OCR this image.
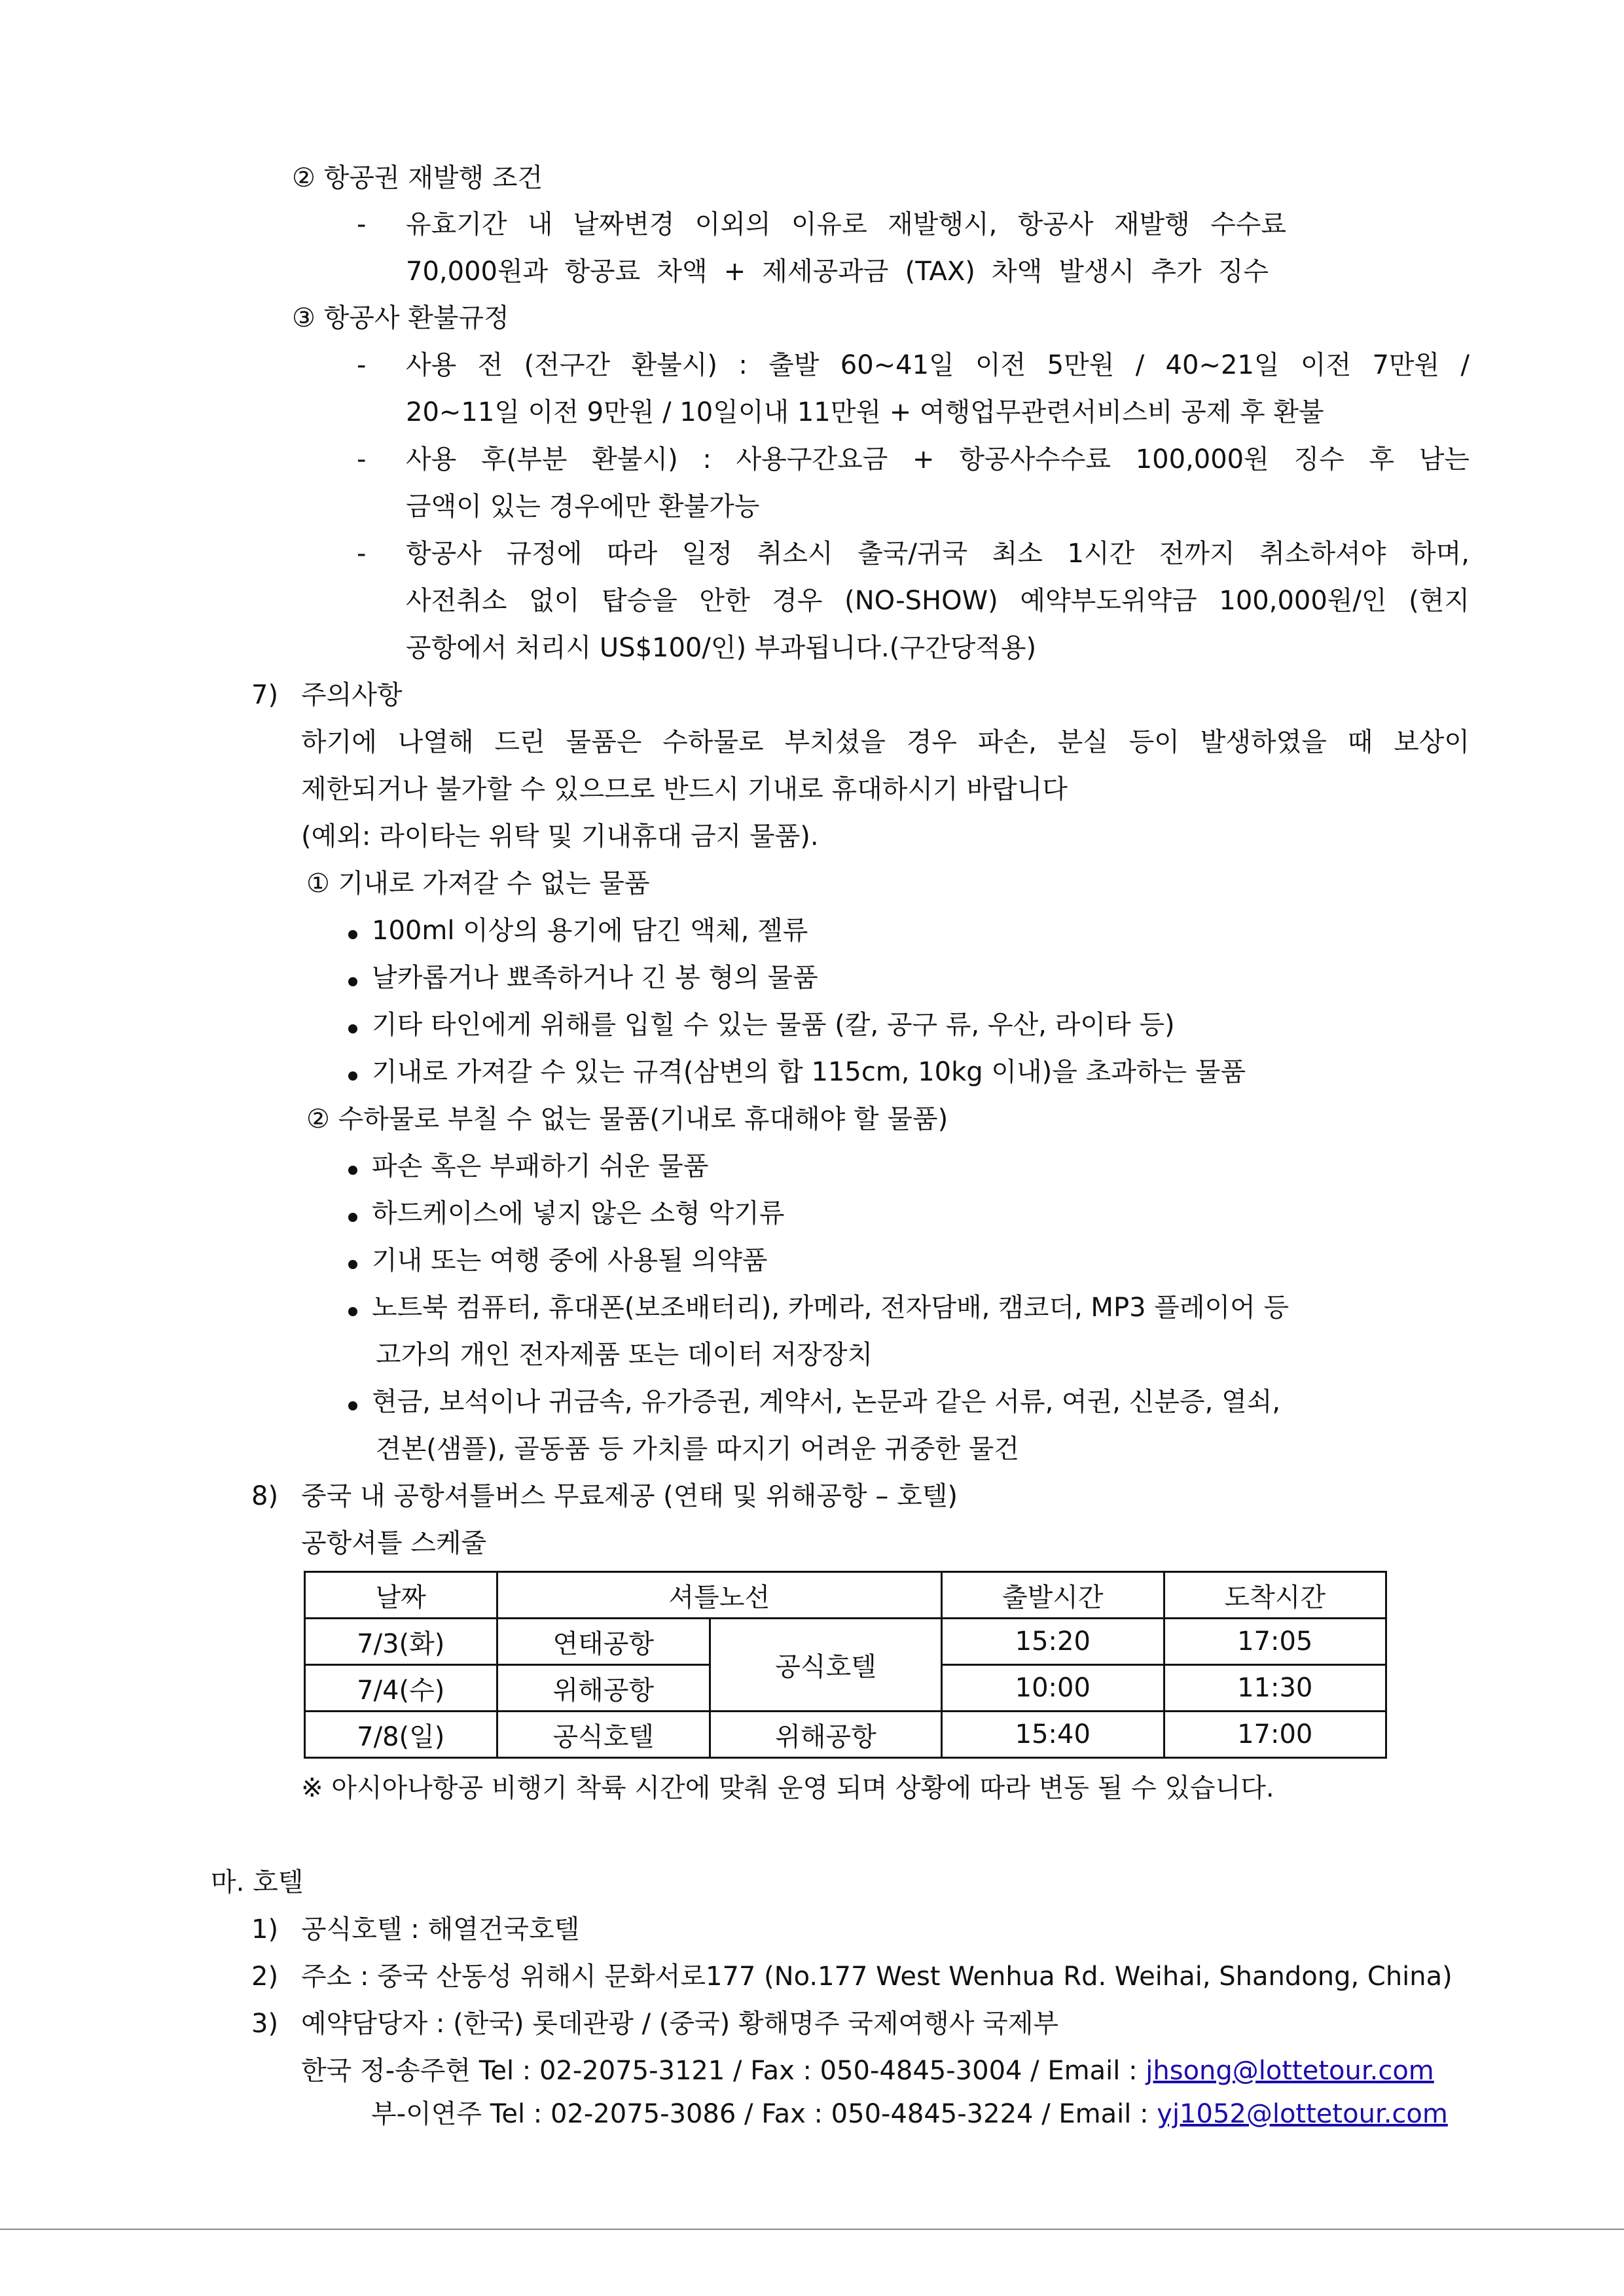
② 항공권 재발행 조건
- 유효기간 내 날짜변경 이외의 이유로 재발행시, 항공사 재발행 수수료
70,000원과 항공료 차액 + 제세공과금 (TAX) 차액 발생시 추가 징수
③ 항공사 환불규정
- 사용 전 (전구간 환불시) : 출발 60~41일 이전 5만원 / 40~21일 이전 7만원 /
20~11일 이전 9만원 / 10일이내 11만원 + 여행업무관련서비스비 공제 후 환불
- 사용 후(부분 환불시) : 사용구간요금 + 항공사수수료 100,000원 징수 후 남는
금액이 있는 경우에만 환불가능
- 항공사 규정에 따라 일정 취소시 출국/귀국 최소 1시간 전까지 취소하셔야 하며,
사전취소 없이 탑승을 안한 경우 (NO-SHOW) 예약부도위약금 100,000원/인 (현지
공항에서 처리시 US$100/인) 부과됩니다.(구간당적용)
7) 주의사항
하기에 나열해 드린 물품은 수하물로 부치셨을 경우 파손, 분실 등이 발생하였을 때 보상이
제한되거나 불가할 수 있으므로 반드시 기내로 휴대하시기 바랍니다
(예외: 라이타는 위탁 및 기내휴대 금지 물품).
① 기내로 가져갈 수 없는 물품
100ml 이상의 용기에 담긴 액체, 젤류
날카롭거나 뾰족하거나 긴 봉 형의 물품
기타 타인에게 위해를 입힐 수 있는 물품 (칼, 공구 류, 우산, 라이타 등)
기내로 가져갈 수 있는 규격(삼변의 합 115cm, 10kg 이내)을 초과하는 물품
② 수하물로 부칠 수 없는 물품(기내로 휴대해야 할 물품)
파손 혹은 부패하기 쉬운 물품
하드케이스에 넣지 않은 소형 악기류
기내 또는 여행 중에 사용될 의약품
노트북 컴퓨터, 휴대폰(보조배터리), 카메라, 전자담배, 캠코더, MP3 플레이어 등
고가의 개인 전자제품 또는 데이터 저장장치
현금, 보석이나 귀금속, 유가증권, 계약서, 논문과 같은 서류, 여권, 신분증, 열쇠,
견본(샘플), 골동품 등 가치를 따지기 어려운 귀중한 물건
8) 중국 내 공항셔틀버스 무료제공 (연태 및 위해공항 – 호텔)
공항셔틀 스케줄
날짜	셔틀노선		출발시간	도착시간
7/3(화)	연태공항	공식호텔	15:20	17:05
7/4(수)	위해공항		10:00	11:30
7/8(일)	공식호텔	위해공항	15:40	17:00
※ 아시아나항공 비행기 착륙 시간에 맞춰 운영 되며 상황에 따라 변동 될 수 있습니다.
마. 호텔
1) 공식호텔 : 해열건국호텔
2) 주소 : 중국 산동성 위해시 문화서로177 (No.177 West Wenhua Rd. Weihai, Shandong, China)
3) 예약담당자 : (한국) 롯데관광 / (중국) 황해명주 국제여행사 국제부
한국 정-송주현 Tel : 02-2075-3121 / Fax : 050-4845-3004 / Email : jhsong@lottetour.com
부-이연주 Tel : 02-2075-3086 / Fax : 050-4845-3224 / Email : yj1052@lottetour.com
